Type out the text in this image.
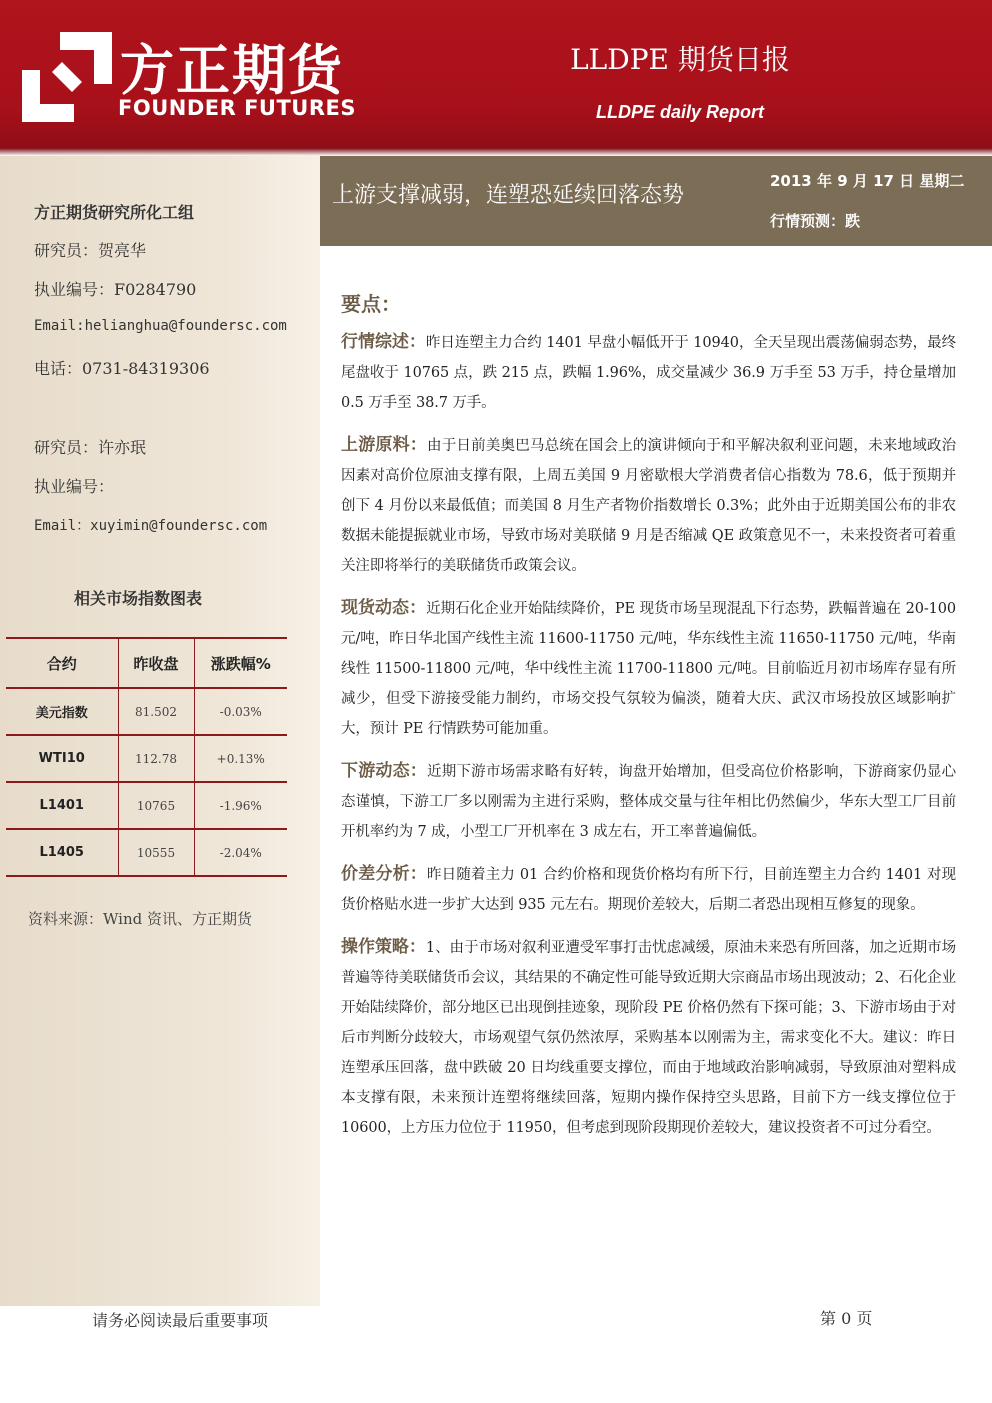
方正期货
FOUNDER FUTURES
LLDPE 期货日报
LLDPE daily Report
方正期货研究所化工组
研究员：贺亮华
执业编号：F0284790
Email:helianghua@foundersc.com
电话：0731-84319306
研究员：许亦珉
执业编号：
Email：xuyimin@foundersc.com
相关市场指数图表
合约	昨收盘	涨跌幅%
美元指数	81.502	-0.03%
WTI10	112.78	+0.13%
L1401	10765	-1.96%
L1405	10555	-2.04%
资料来源：Wind 资讯、方正期货
上游支撑减弱，连塑恐延续回落态势
2013 年 9 月 17 日 星期二
行情预测：跌
要点：

行情综述：昨日连塑主力合约 1401 早盘小幅低开于 10940，全天呈现出震荡偏弱态势，最终尾盘收于 10765 点，跌 215 点，跌幅 1.96%，成交量减少 36.9 万手至 53 万手，持仓量增加 0.5 万手至 38.7 万手。

上游原料：由于日前美奥巴马总统在国会上的演讲倾向于和平解决叙利亚问题，未来地域政治因素对高价位原油支撑有限，上周五美国 9 月密歇根大学消费者信心指数为 78.6，低于预期并创下 4 月份以来最低值；而美国 8 月生产者物价指数增长 0.3%；此外由于近期美国公布的非农数据未能提振就业市场，导致市场对美联储 9 月是否缩减 QE 政策意见不一，未来投资者可着重关注即将举行的美联储货币政策会议。

现货动态：近期石化企业开始陆续降价，PE 现货市场呈现混乱下行态势，跌幅普遍在 20-100 元/吨，昨日华北国产线性主流 11600-11750 元/吨，华东线性主流 11650-11750 元/吨，华南线性 11500-11800 元/吨，华中线性主流 11700-11800 元/吨。目前临近月初市场库存显有所减少，但受下游接受能力制约，市场交投气氛较为偏淡，随着大庆、武汉市场投放区域影响扩大，预计 PE 行情跌势可能加重。

下游动态：近期下游市场需求略有好转，询盘开始增加，但受高位价格影响，下游商家仍显心态谨慎，下游工厂多以刚需为主进行采购，整体成交量与往年相比仍然偏少，华东大型工厂目前开机率约为 7 成，小型工厂开机率在 3 成左右，开工率普遍偏低。

价差分析：昨日随着主力 01 合约价格和现货价格均有所下行，目前连塑主力合约 1401 对现货价格贴水进一步扩大达到 935 元左右。期现价差较大，后期二者恐出现相互修复的现象。

操作策略：1、由于市场对叙利亚遭受军事打击忧虑减缓，原油未来恐有所回落，加之近期市场普遍等待美联储货币会议，其结果的不确定性可能导致近期大宗商品市场出现波动；2、石化企业开始陆续降价，部分地区已出现倒挂迹象，现阶段 PE 价格仍然有下探可能；3、下游市场由于对后市判断分歧较大，市场观望气氛仍然浓厚，采购基本以刚需为主，需求变化不大。建议：昨日连塑承压回落，盘中跌破 20 日均线重要支撑位，而由于地域政治影响减弱，导致原油对塑料成本支撑有限，未来预计连塑将继续回落，短期内操作保持空头思路，目前下方一线支撑位位于 10600，上方压力位位于 11950，但考虑到现阶段期现价差较大，建议投资者不可过分看空。

请务必阅读最后重要事项	第 0 页
